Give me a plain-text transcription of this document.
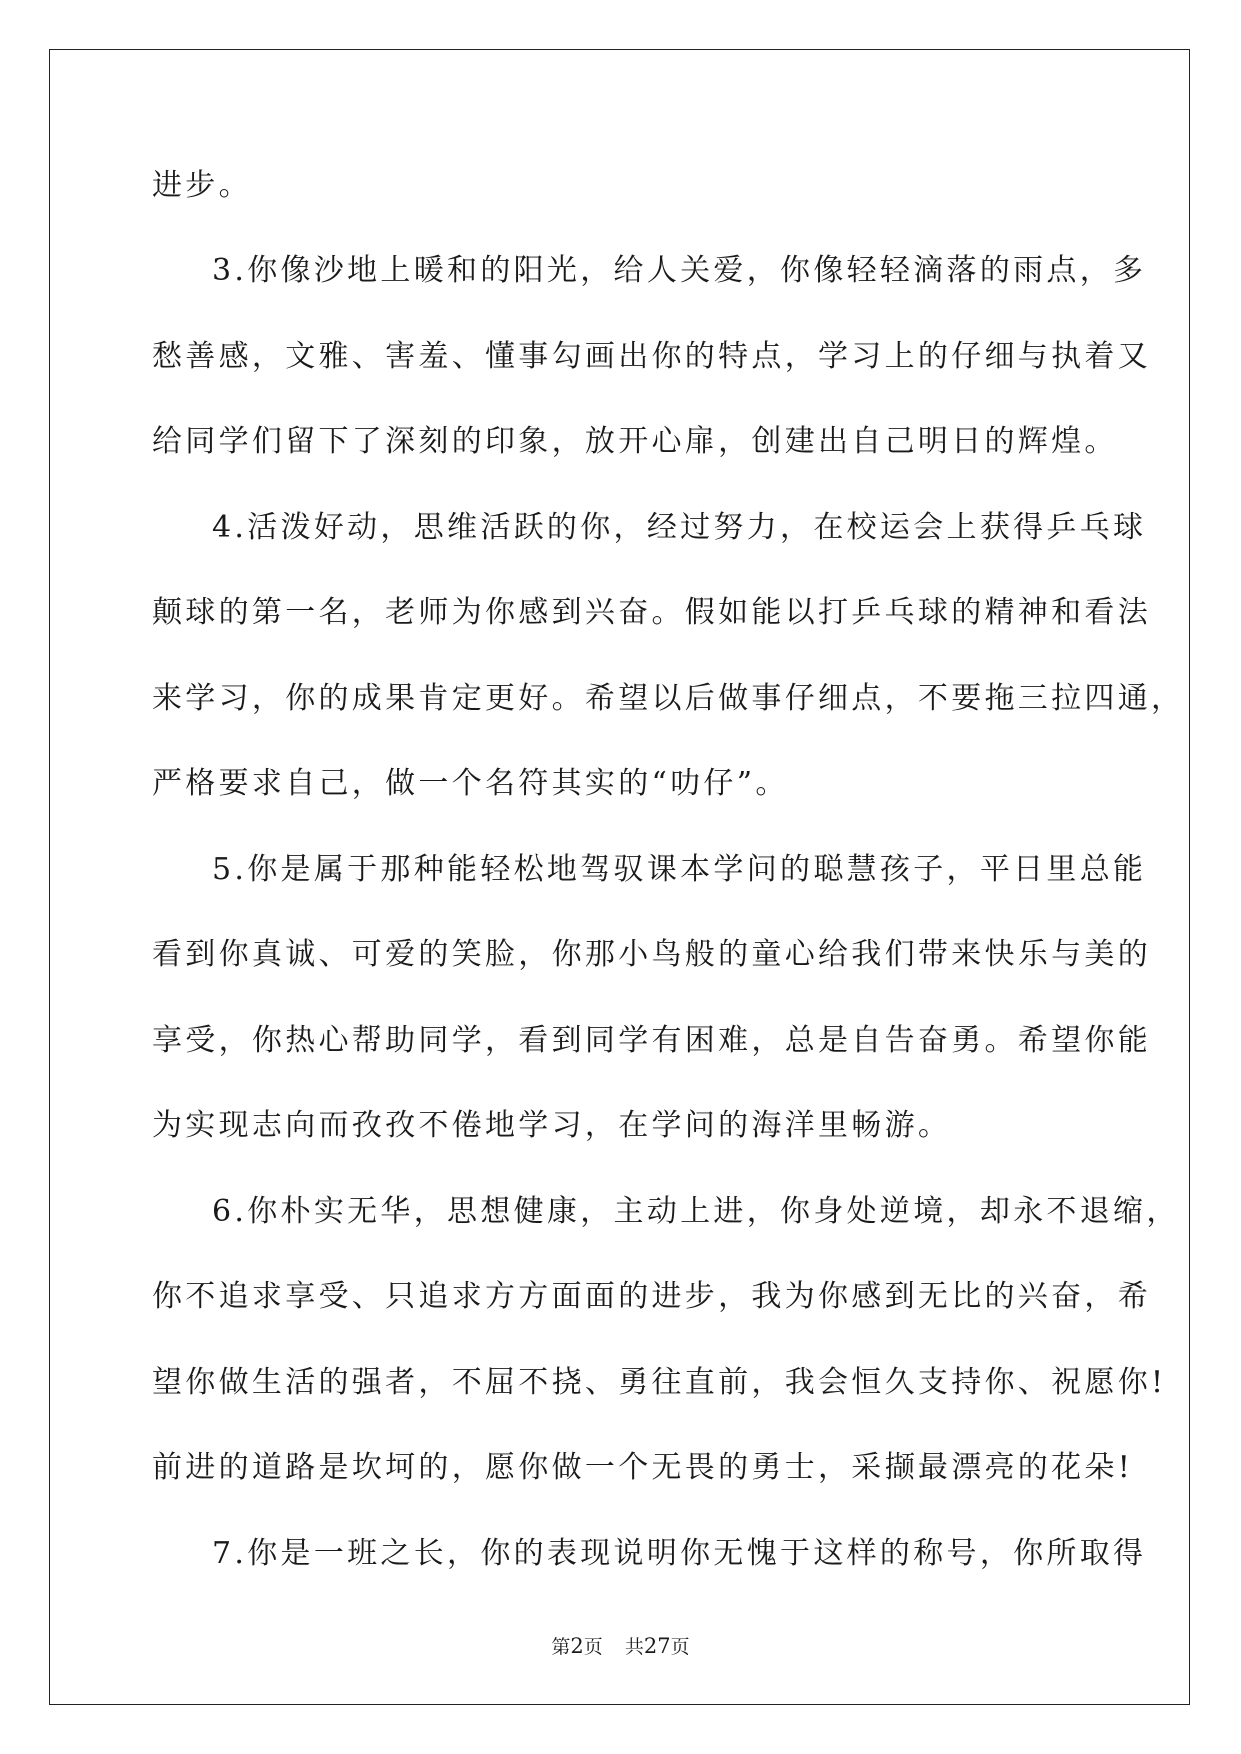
进步。

3.你像沙地上暖和的阳光，给人关爱，你像轻轻滴落的雨点，多

愁善感，文雅、害羞、懂事勾画出你的特点，学习上的仔细与执着又

给同学们留下了深刻的印象，放开心扉，创建出自己明日的辉煌。

4.活泼好动，思维活跃的你，经过努力，在校运会上获得乒乓球

颠球的第一名，老师为你感到兴奋。假如能以打乒乓球的精神和看法

来学习，你的成果肯定更好。希望以后做事仔细点，不要拖三拉四通，

严格要求自己，做一个名符其实的“叻仔”。

5.你是属于那种能轻松地驾驭课本学问的聪慧孩子，平日里总能

看到你真诚、可爱的笑脸，你那小鸟般的童心给我们带来快乐与美的

享受，你热心帮助同学，看到同学有困难，总是自告奋勇。希望你能

为实现志向而孜孜不倦地学习，在学问的海洋里畅游。

6.你朴实无华，思想健康，主动上进，你身处逆境，却永不退缩，

你不追求享受、只追求方方面面的进步，我为你感到无比的兴奋，希

望你做生活的强者，不屈不挠、勇往直前，我会恒久支持你、祝愿你!

前进的道路是坎坷的，愿你做一个无畏的勇士，采撷最漂亮的花朵!

7.你是一班之长，你的表现说明你无愧于这样的称号，你所取得

第2页 共27页
